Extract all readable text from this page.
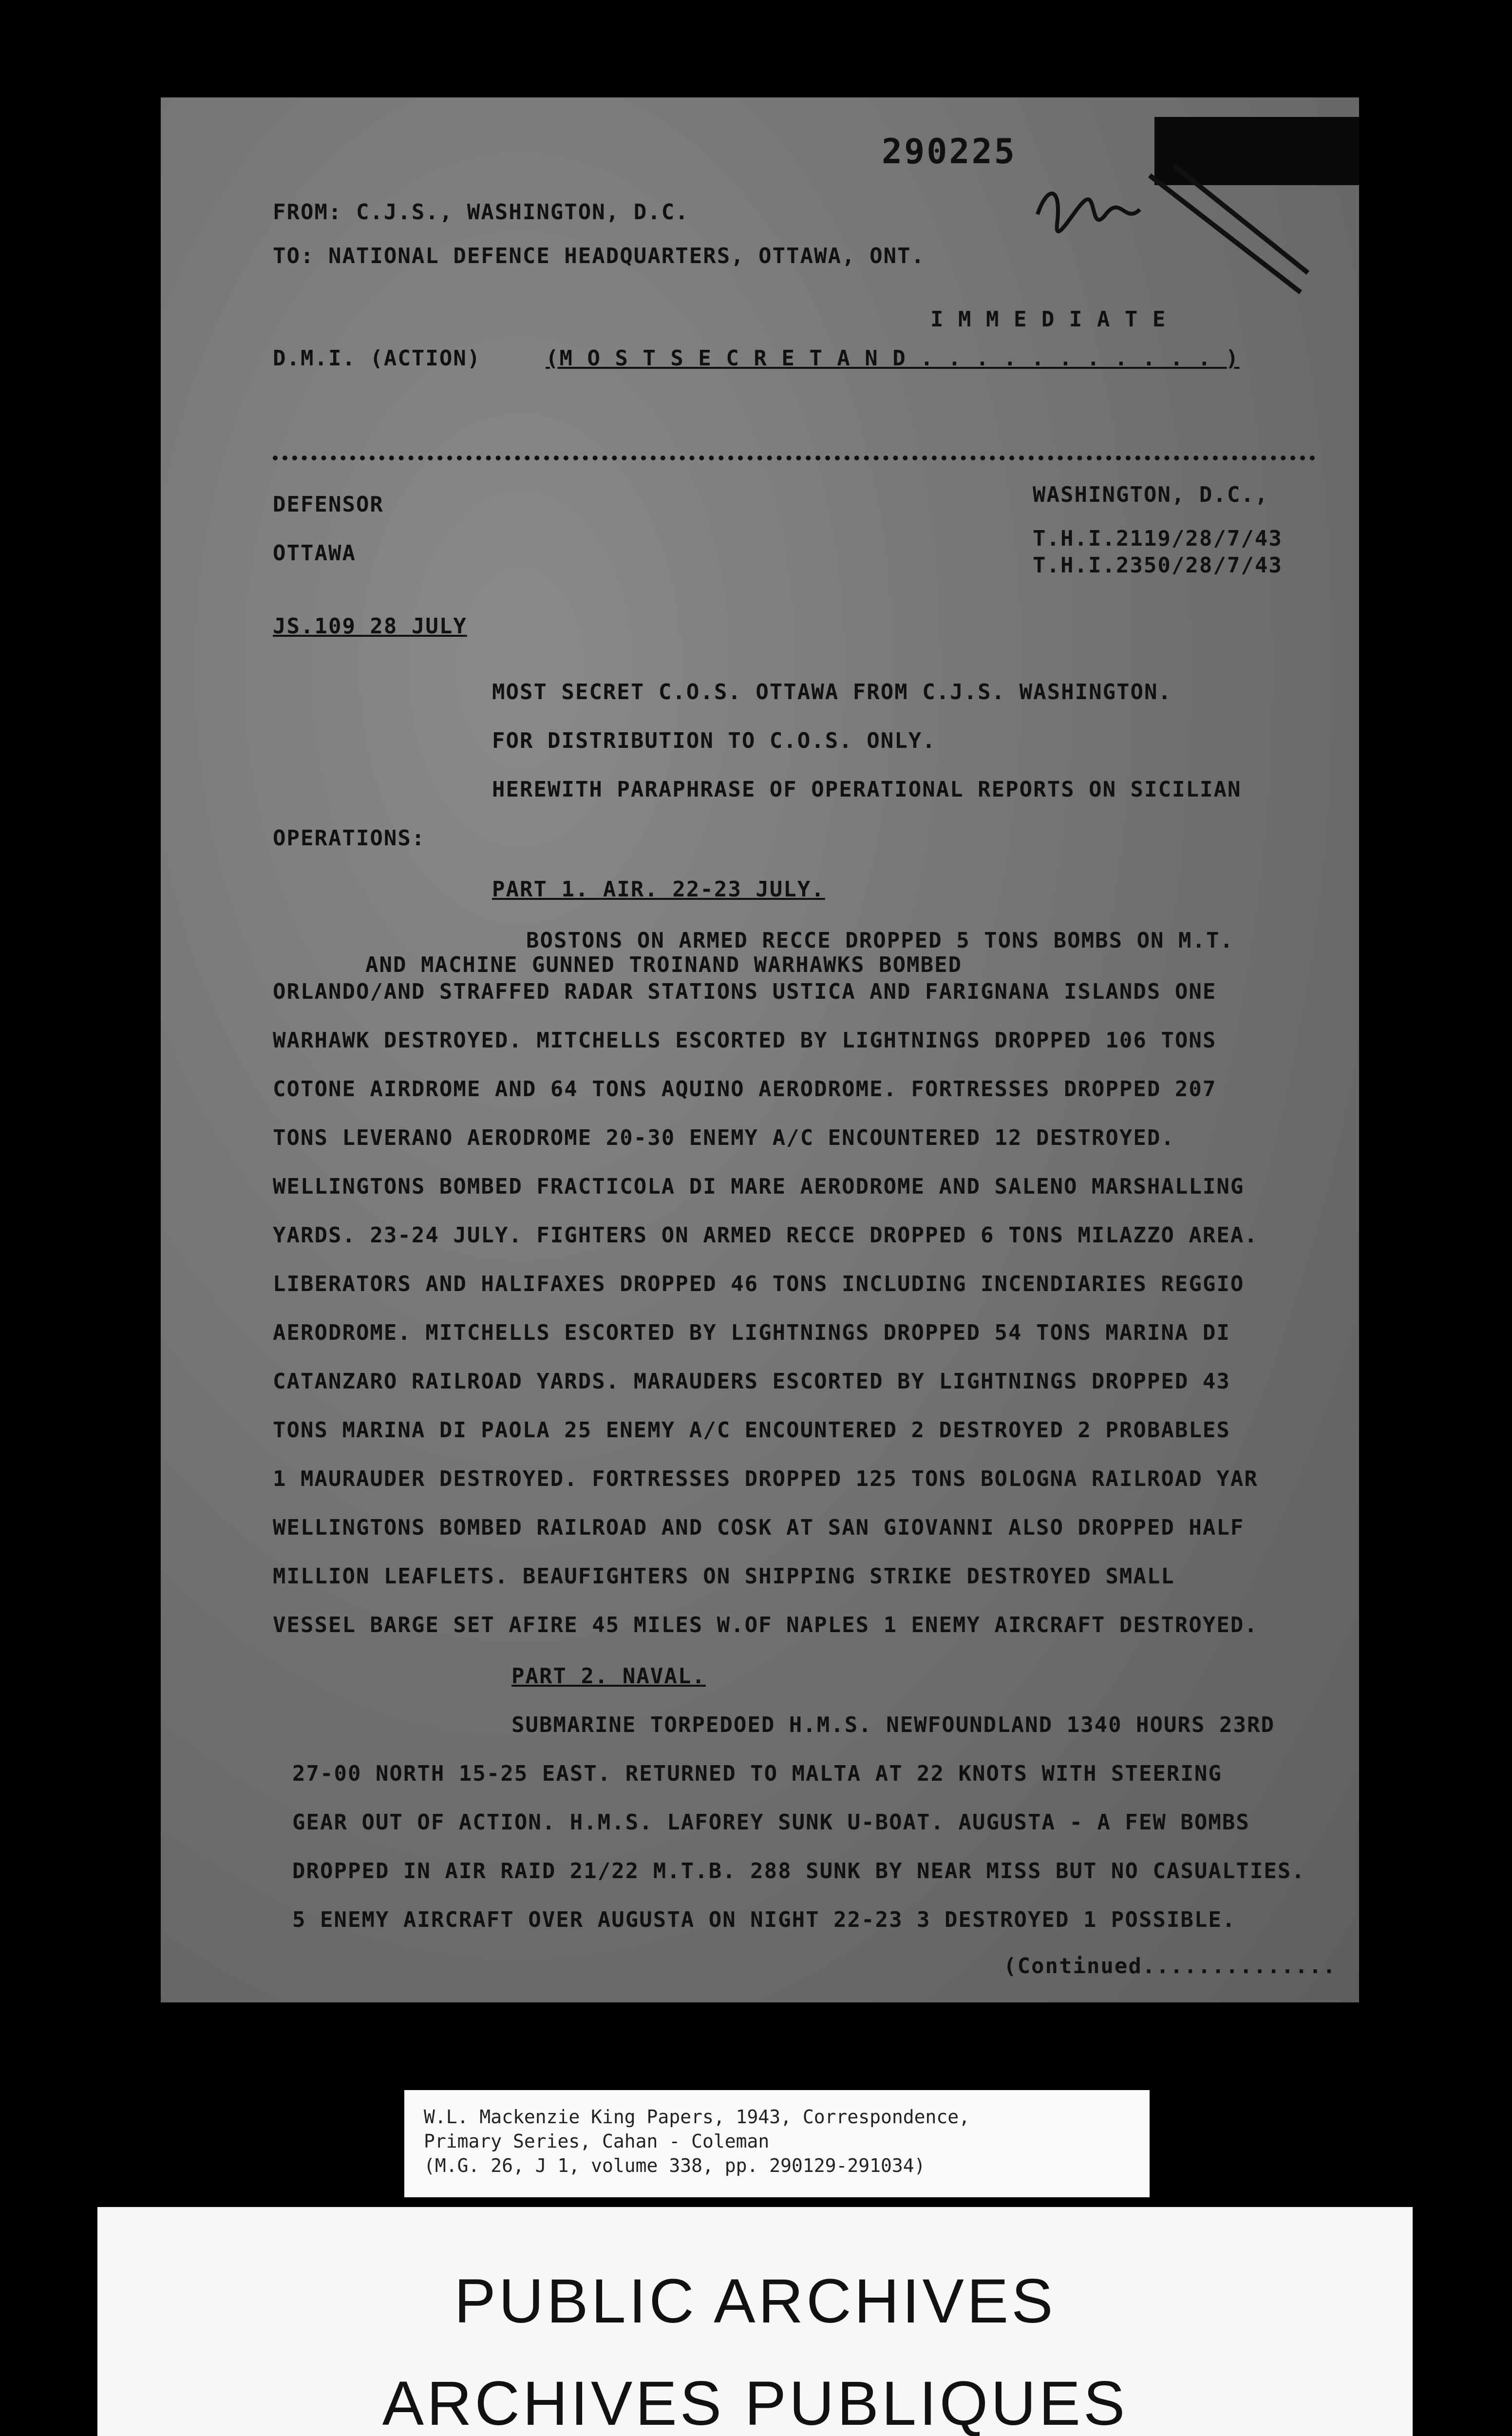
290225
FROM: C.J.S., WASHINGTON, D.C.
TO: NATIONAL DEFENCE HEADQUARTERS, OTTAWA, ONT.
I M M E D I A T E
D.M.I. (ACTION)	(M O S T S E C R E T A N D . . . . . . . . . . . )
DEFENSOR
OTTAWA
WASHINGTON, D.C.,
T.H.I.2119/28/7/43
T.H.I.2350/28/7/43
JS.109 28 JULY
MOST SECRET C.O.S. OTTAWA FROM C.J.S. WASHINGTON.
FOR DISTRIBUTION TO C.O.S. ONLY.
HEREWITH PARAPHRASE OF OPERATIONAL REPORTS ON SICILIAN
OPERATIONS:
PART 1. AIR. 22-23 JULY.
BOSTONS ON ARMED RECCE DROPPED 5 TONS BOMBS ON M.T.
AND MACHINE GUNNED TROINAND WARHAWKS BOMBED
ORLANDO/AND STRAFFED RADAR STATIONS USTICA AND FARIGNANA ISLANDS ONE
WARHAWK DESTROYED. MITCHELLS ESCORTED BY LIGHTNINGS DROPPED 106 TONS
COTONE AIRDROME AND 64 TONS AQUINO AERODROME. FORTRESSES DROPPED 207
TONS LEVERANO AERODROME 20-30 ENEMY A/C ENCOUNTERED 12 DESTROYED.
WELLINGTONS BOMBED FRACTICOLA DI MARE AERODROME AND SALENO MARSHALLING
YARDS. 23-24 JULY. FIGHTERS ON ARMED RECCE DROPPED 6 TONS MILAZZO AREA.
LIBERATORS AND HALIFAXES DROPPED 46 TONS INCLUDING INCENDIARIES REGGIO
AERODROME. MITCHELLS ESCORTED BY LIGHTNINGS DROPPED 54 TONS MARINA DI
CATANZARO RAILROAD YARDS. MARAUDERS ESCORTED BY LIGHTNINGS DROPPED 43
TONS MARINA DI PAOLA 25 ENEMY A/C ENCOUNTERED 2 DESTROYED 2 PROBABLES
1 MAURAUDER DESTROYED. FORTRESSES DROPPED 125 TONS BOLOGNA RAILROAD YAR
WELLINGTONS BOMBED RAILROAD AND COSK AT SAN GIOVANNI ALSO DROPPED HALF
MILLION LEAFLETS. BEAUFIGHTERS ON SHIPPING STRIKE DESTROYED SMALL
VESSEL BARGE SET AFIRE 45 MILES W.OF NAPLES 1 ENEMY AIRCRAFT DESTROYED.
PART 2. NAVAL.
SUBMARINE TORPEDOED H.M.S. NEWFOUNDLAND 1340 HOURS 23RD
27-00 NORTH 15-25 EAST. RETURNED TO MALTA AT 22 KNOTS WITH STEERING
GEAR OUT OF ACTION. H.M.S. LAFOREY SUNK U-BOAT. AUGUSTA - A FEW BOMBS
DROPPED IN AIR RAID 21/22 M.T.B. 288 SUNK BY NEAR MISS BUT NO CASUALTIES.
5 ENEMY AIRCRAFT OVER AUGUSTA ON NIGHT 22-23 3 DESTROYED 1 POSSIBLE.
(Continued..............
W.L. Mackenzie King Papers, 1943, Correspondence,
Primary Series, Cahan - Coleman
(M.G. 26, J 1, volume 338, pp. 290129-291034)
PUBLIC ARCHIVES
ARCHIVES PUBLIQUES
